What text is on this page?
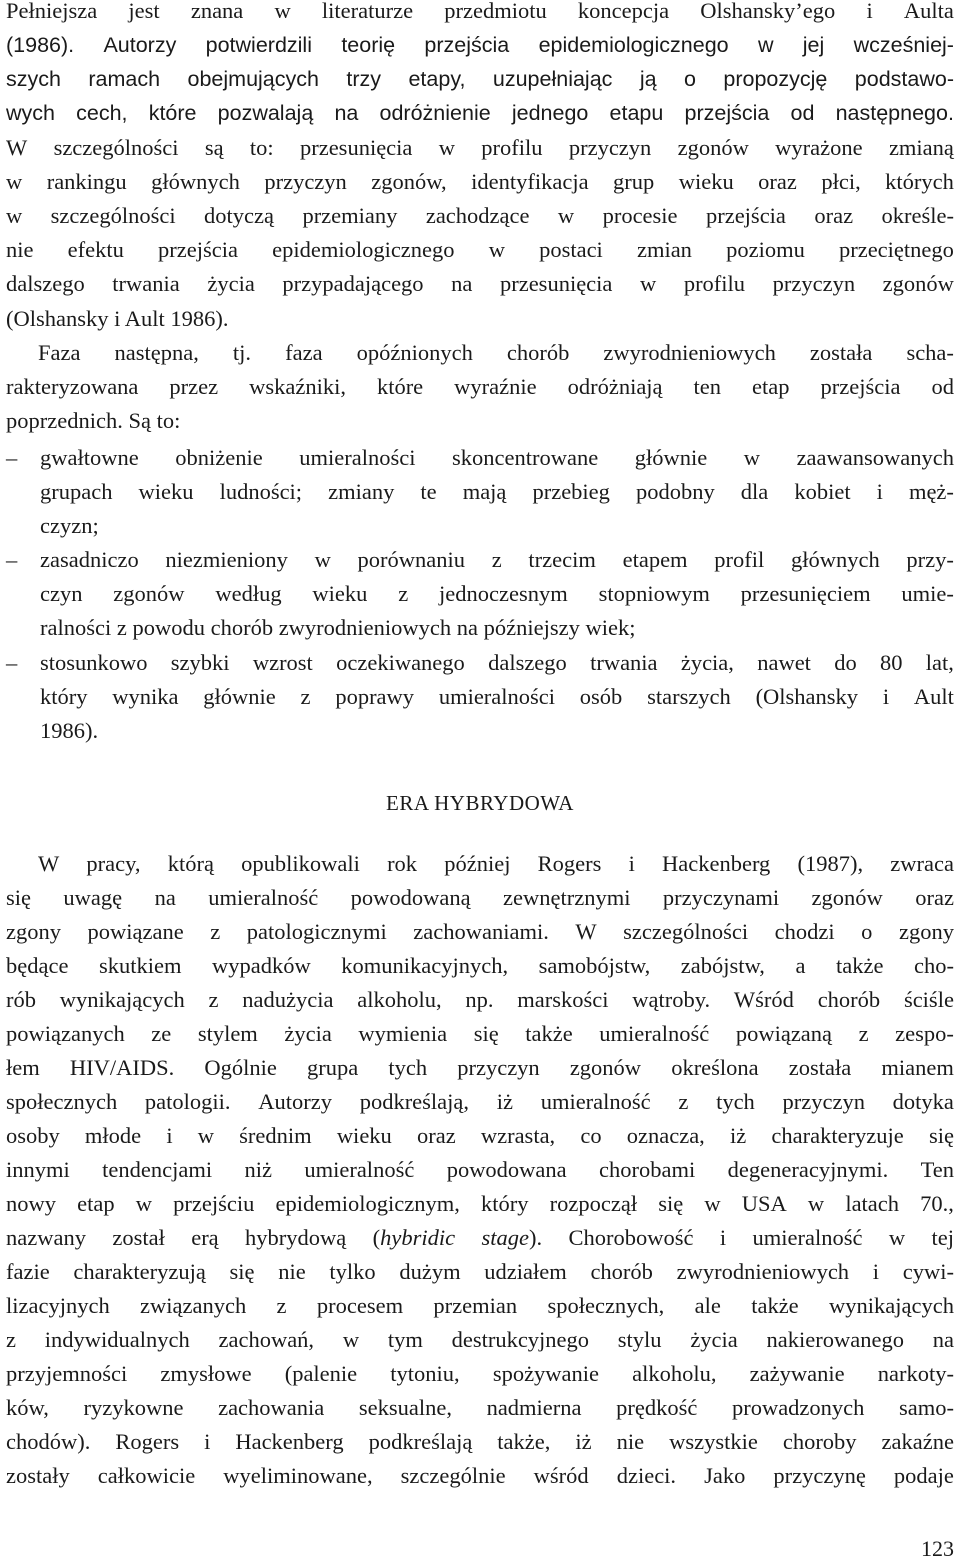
Pełniejsza jest znana w literaturze przedmiotu koncepcja Olshansky’ego i Aulta
(1986). Autorzy potwierdzili teorię przejścia epidemiologicznego w jej wcześniej-
szych ramach obejmujących trzy etapy, uzupełniając ją o propozycję podstawo-
wych cech, które pozwalają na odróżnienie jednego etapu przejścia od następnego.
W szczególności są to: przesunięcia w profilu przyczyn zgonów wyrażone zmianą
w rankingu głównych przyczyn zgonów, identyfikacja grup wieku oraz płci, których
w szczególności dotyczą przemiany zachodzące w procesie przejścia oraz określe-
nie efektu przejścia epidemiologicznego w postaci zmian poziomu przeciętnego
dalszego trwania życia przypadającego na przesunięcia w profilu przyczyn zgonów
(Olshansky i Ault 1986).
Faza następna, tj. faza opóźnionych chorób zwyrodnieniowych została scha-
rakteryzowana przez wskaźniki, które wyraźnie odróżniają ten etap przejścia od
poprzednich. Są to:
– gwałtowne obniżenie umieralności skoncentrowane głównie w zaawansowanych
grupach wieku ludności; zmiany te mają przebieg podobny dla kobiet i męż-
czyzn;
– zasadniczo niezmieniony w porównaniu z trzecim etapem profil głównych przy-
czyn zgonów według wieku z jednoczesnym stopniowym przesunięciem umie-
ralności z powodu chorób zwyrodnieniowych na późniejszy wiek;
– stosunkowo szybki wzrost oczekiwanego dalszego trwania życia, nawet do 80 lat,
który wynika głównie z poprawy umieralności osób starszych (Olshansky i Ault
1986).
ERA HYBRYDOWA
W pracy, którą opublikowali rok później Rogers i Hackenberg (1987), zwraca
się uwagę na umieralność powodowaną zewnętrznymi przyczynami zgonów oraz
zgony powiązane z patologicznymi zachowaniami. W szczególności chodzi o zgony
będące skutkiem wypadków komunikacyjnych, samobójstw, zabójstw, a także cho-
rób wynikających z nadużycia alkoholu, np. marskości wątroby. Wśród chorób ściśle
powiązanych ze stylem życia wymienia się także umieralność powiązaną z zespo-
łem HIV/AIDS. Ogólnie grupa tych przyczyn zgonów określona została mianem
społecznych patologii. Autorzy podkreślają, iż umieralność z tych przyczyn dotyka
osoby młode i w średnim wieku oraz wzrasta, co oznacza, iż charakteryzuje się
innymi tendencjami niż umieralność powodowana chorobami degeneracyjnymi. Ten
nowy etap w przejściu epidemiologicznym, który rozpoczął się w USA w latach 70.,
nazwany został erą hybrydową (hybridic stage). Chorobowość i umieralność w tej
fazie charakteryzują się nie tylko dużym udziałem chorób zwyrodnieniowych i cywi-
lizacyjnych związanych z procesem przemian społecznych, ale także wynikających
z indywidualnych zachowań, w tym destrukcyjnego stylu życia nakierowanego na
przyjemności zmysłowe (palenie tytoniu, spożywanie alkoholu, zażywanie narkoty-
ków, ryzykowne zachowania seksualne, nadmierna prędkość prowadzonych samo-
chodów). Rogers i Hackenberg podkreślają także, iż nie wszystkie choroby zakaźne
zostały całkowicie wyeliminowane, szczególnie wśród dzieci. Jako przyczynę podaje
123
